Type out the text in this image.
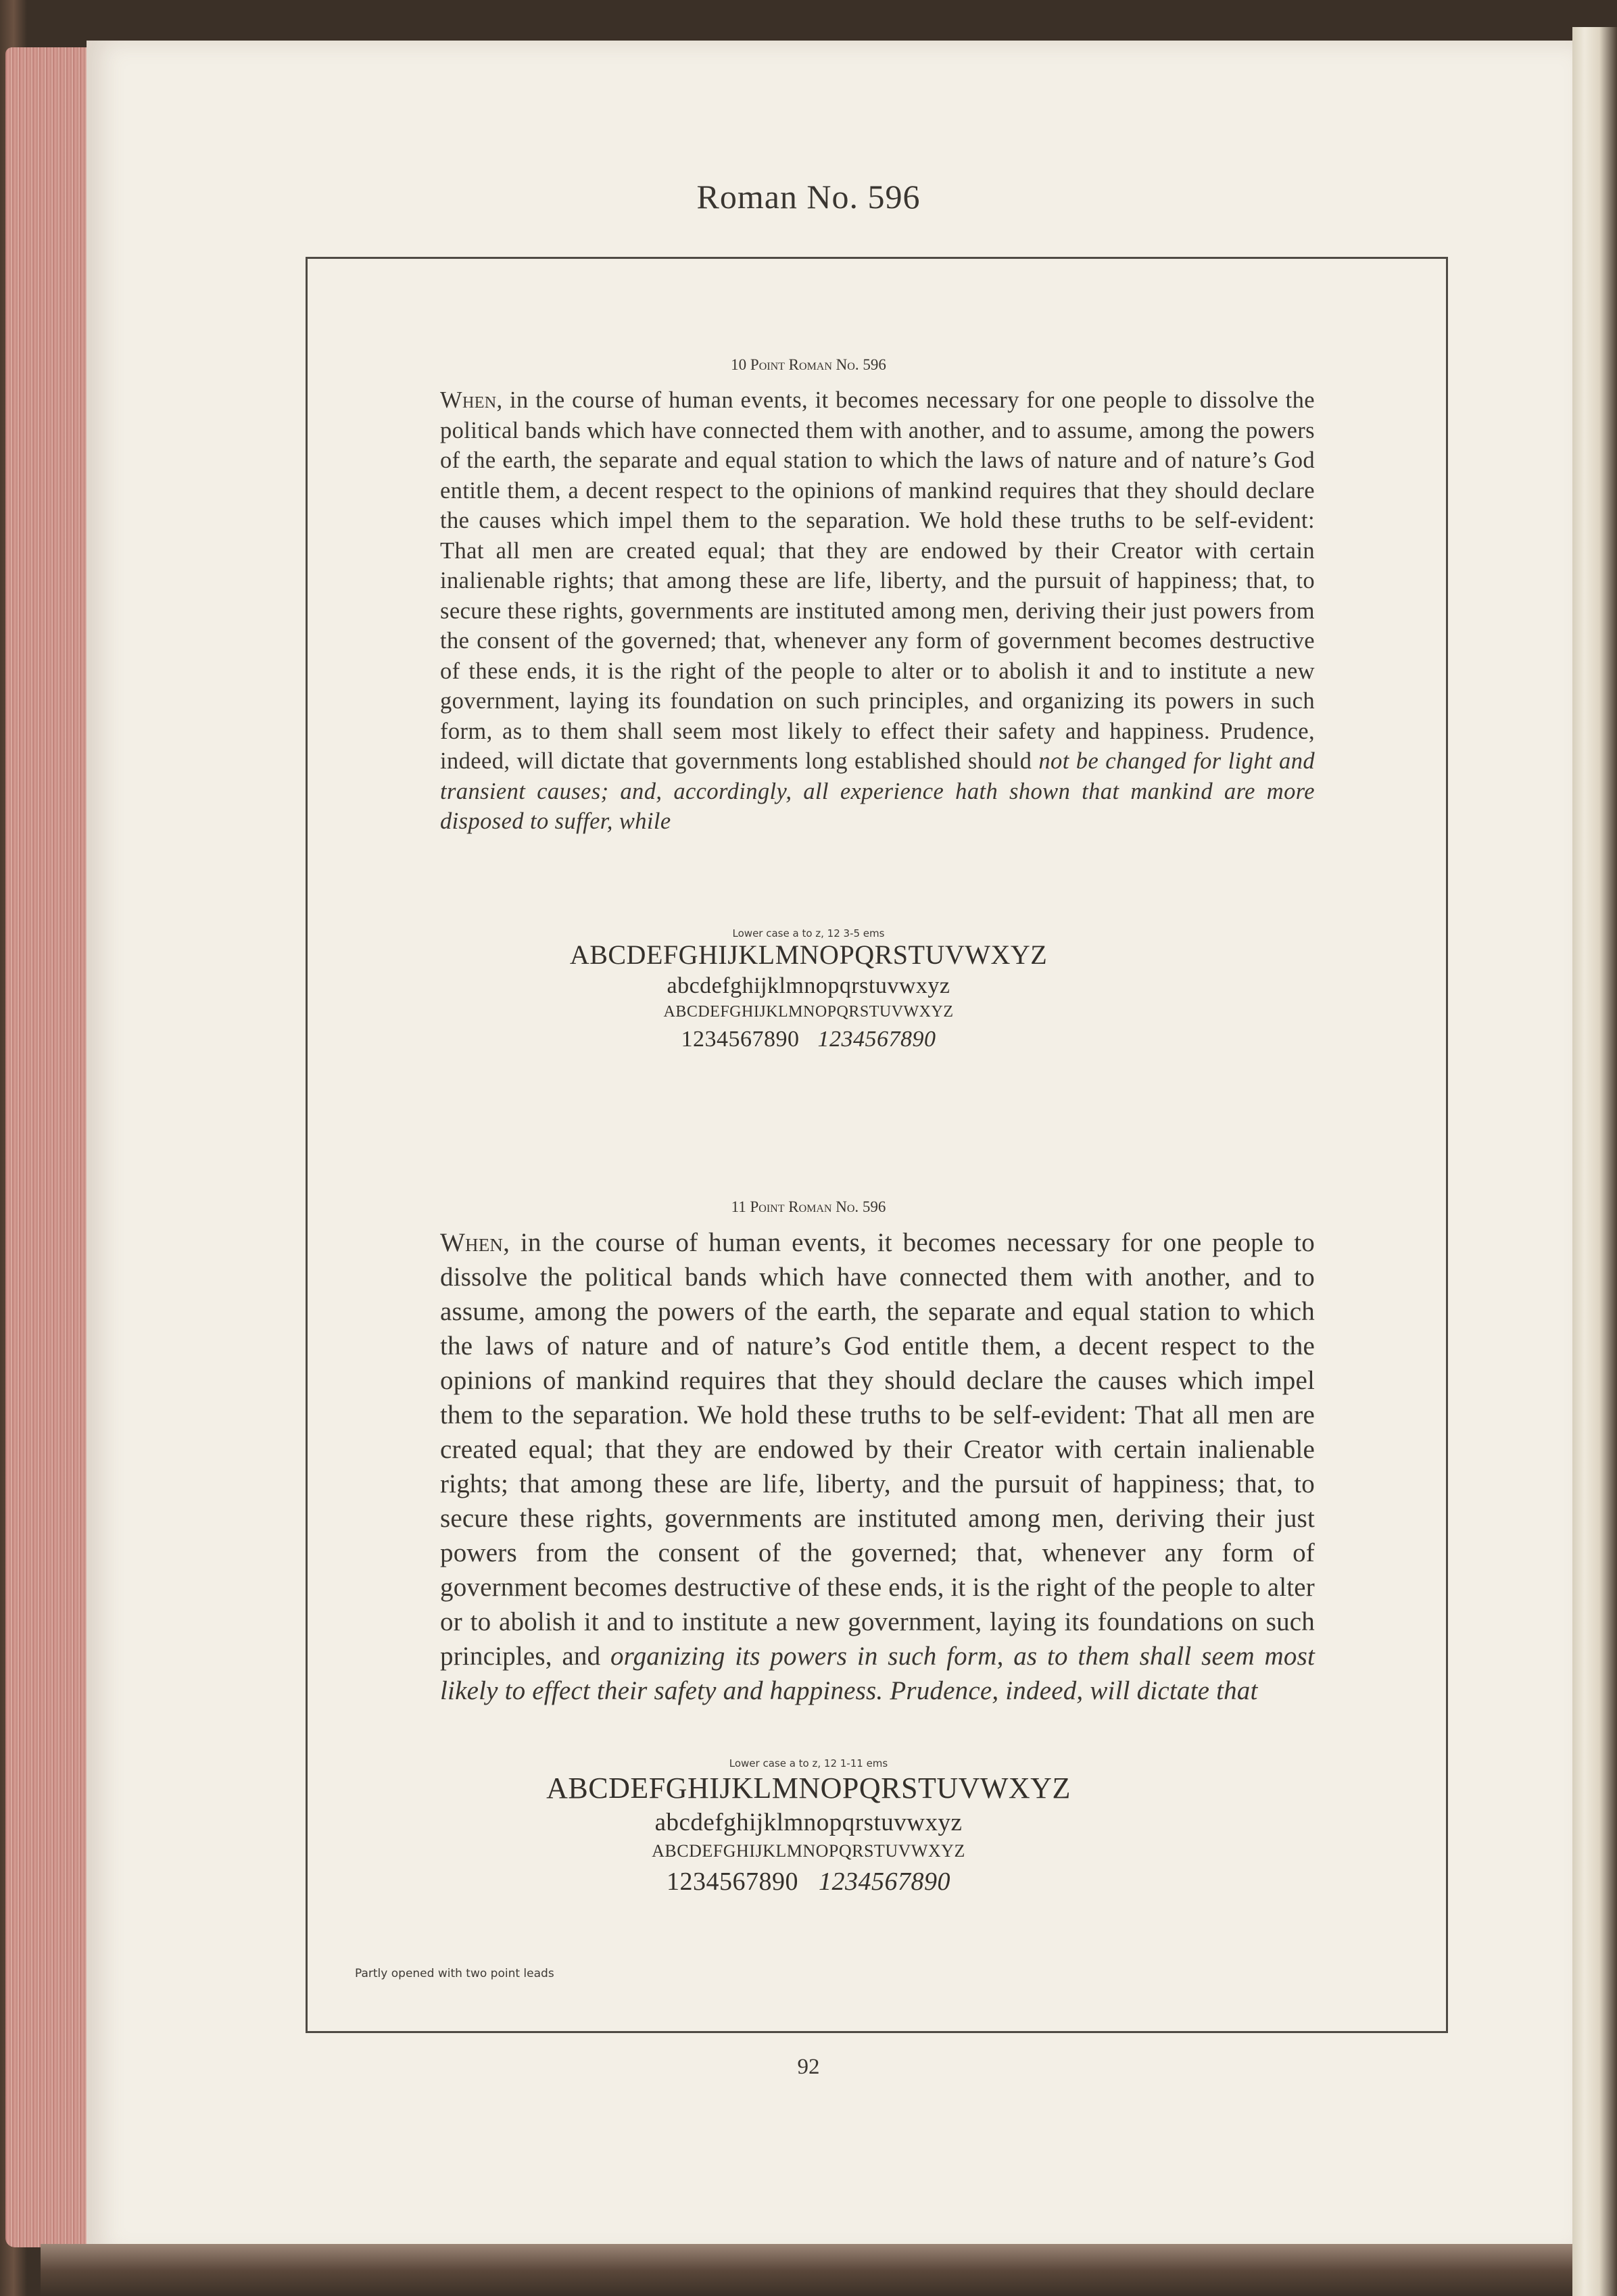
Roman No. 596
10 Point Roman No. 596

When, in the course of human events, it becomes necessary for one people to dissolve the political bands which have connected them with another, and to assume, among the powers of the earth, the separate and equal station to which the laws of nature and of nature’s God entitle them, a decent respect to the opinions of mankind requires that they should declare the causes which impel them to the separation. We hold these truths to be self-evident: That all men are created equal; that they are endowed by their Creator with certain inalienable rights; that among these are life, liberty, and the pursuit of happiness; that, to secure these rights, governments are instituted among men, deriving their just powers from the consent of the governed; that, whenever any form of government becomes destructive of these ends, it is the right of the people to alter or to abolish it and to institute a new government, laying its foundation on such principles, and organizing its powers in such form, as to them shall seem most likely to effect their safety and happiness. Prudence, indeed, will dictate that governments long established should not be changed for light and transient causes; and, accordingly, all experience hath shown that mankind are more disposed to suffer, while

Lower case a to z, 12 3-5 ems

ABCDEFGHIJKLMNOPQRSTUVWXYZ

abcdefghijklmnopqrstuvwxyz

ABCDEFGHIJKLMNOPQRSTUVWXYZ

1234567890 1234567890

11 Point Roman No. 596

When, in the course of human events, it becomes necessary for one people to dissolve the political bands which have connected them with another, and to assume, among the powers of the earth, the separate and equal station to which the laws of nature and of nature’s God entitle them, a decent respect to the opinions of mankind requires that they should declare the causes which impel them to the separation. We hold these truths to be self-evident: That all men are created equal; that they are endowed by their Creator with certain inalienable rights; that among these are life, liberty, and the pursuit of happiness; that, to secure these rights, governments are instituted among men, deriving their just powers from the consent of the governed; that, whenever any form of government becomes destructive of these ends, it is the right of the people to alter or to abolish it and to institute a new government, laying its foundations on such principles, and organizing its powers in such form, as to them shall seem most likely to effect their safety and happiness. Prudence, indeed, will dictate that

Lower case a to z, 12 1-11 ems

ABCDEFGHIJKLMNOPQRSTUVWXYZ

abcdefghijklmnopqrstuvwxyz

ABCDEFGHIJKLMNOPQRSTUVWXYZ

1234567890 1234567890

Partly opened with two point leads

92
